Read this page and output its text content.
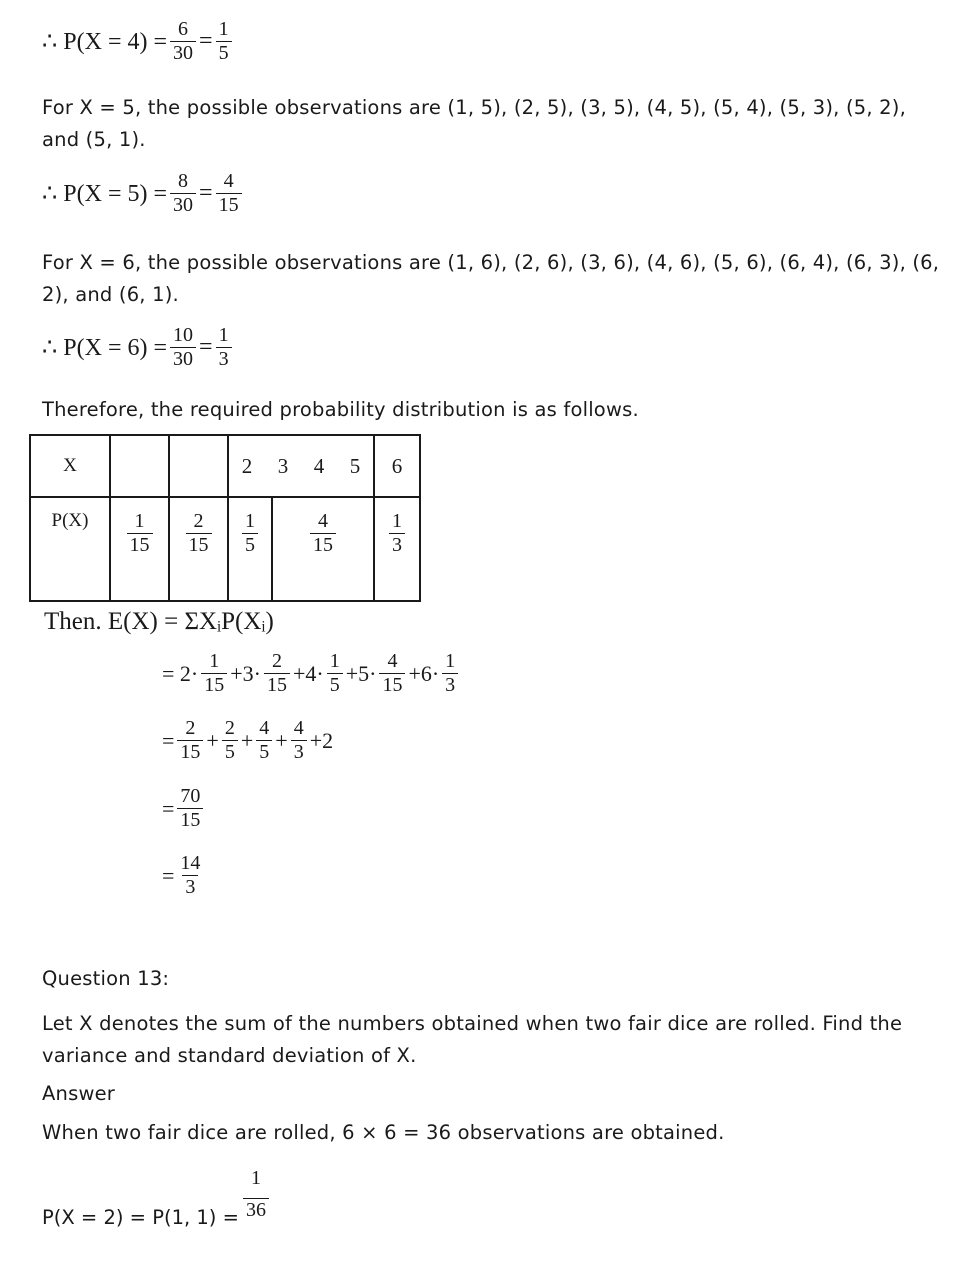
∴ $P(X = 4) = \frac{6}{30} = \frac{1}{5}$
For X = 5, the possible observations are (1, 5), (2, 5), (3, 5), (4, 5), (5, 4), (5, 3), (5, 2), and (5, 1).
∴ $P(X = 5) = \frac{8}{30} = \frac{4}{15}$
For X = 6, the possible observations are (1, 6), (2, 6), (3, 6), (4, 6), (5, 6), (6, 4), (6, 3), (6, 2), and (6, 1).
∴ $P(X = 6) = \frac{10}{30} = \frac{1}{3}$
Therefore, the required probability distribution is as follows.
X			2 3 4 5		6
P(X)	$\frac{1}{15}$	$\frac{2}{15}$	$\frac{1}{5}$	$\frac{4}{15}$	$\frac{1}{3}$
Then. E(X) = ΣXᵢP(Xᵢ)
= $2\cdot \frac{1}{15} +3\cdot \frac{2}{15} +4\cdot \frac{1}{5} +5\cdot \frac{4}{15} +6\cdot \frac{1}{3}$
= $\frac{2}{15} + \frac{2}{5} + \frac{4}{5} + \frac{4}{3} +2$
= $\frac{70}{15}$
= $\frac{14}{3}$
Question 13:
Let X denotes the sum of the numbers obtained when two fair dice are rolled. Find the variance and standard deviation of X.
Answer
When two fair dice are rolled, 6 × 6 = 36 observations are obtained.
P(X = 2) = P(1, $1) = \frac{1}{36}$
